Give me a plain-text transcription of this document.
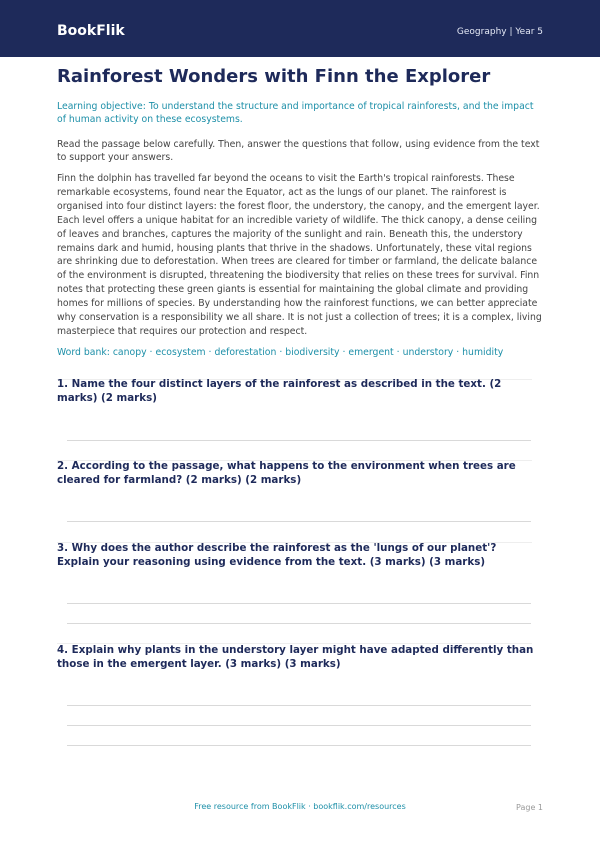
BookFlik	Geography | Year 5
Rainforest Wonders with Finn the Explorer
Learning objective: To understand the structure and importance of tropical rainforests, and the impact of human activity on these ecosystems.
Read the passage below carefully. Then, answer the questions that follow, using evidence from the text to support your answers.
Finn the dolphin has travelled far beyond the oceans to visit the Earth's tropical rainforests. These remarkable ecosystems, found near the Equator, act as the lungs of our planet. The rainforest is organised into four distinct layers: the forest floor, the understory, the canopy, and the emergent layer. Each level offers a unique habitat for an incredible variety of wildlife. The thick canopy, a dense ceiling of leaves and branches, captures the majority of the sunlight and rain. Beneath this, the understory remains dark and humid, housing plants that thrive in the shadows. Unfortunately, these vital regions are shrinking due to deforestation. When trees are cleared for timber or farmland, the delicate balance of the environment is disrupted, threatening the biodiversity that relies on these trees for survival. Finn notes that protecting these green giants is essential for maintaining the global climate and providing homes for millions of species. By understanding how the rainforest functions, we can better appreciate why conservation is a responsibility we all share. It is not just a collection of trees; it is a complex, living masterpiece that requires our protection and respect.
Word bank: canopy · ecosystem · deforestation · biodiversity · emergent · understory · humidity
1. Name the four distinct layers of the rainforest as described in the text. (2 marks) (2 marks)
2. According to the passage, what happens to the environment when trees are cleared for farmland? (2 marks) (2 marks)
3. Why does the author describe the rainforest as the 'lungs of our planet'? Explain your reasoning using evidence from the text. (3 marks) (3 marks)
4. Explain why plants in the understory layer might have adapted differently than those in the emergent layer. (3 marks) (3 marks)
Free resource from BookFlik · bookflik.com/resources	Page 1
